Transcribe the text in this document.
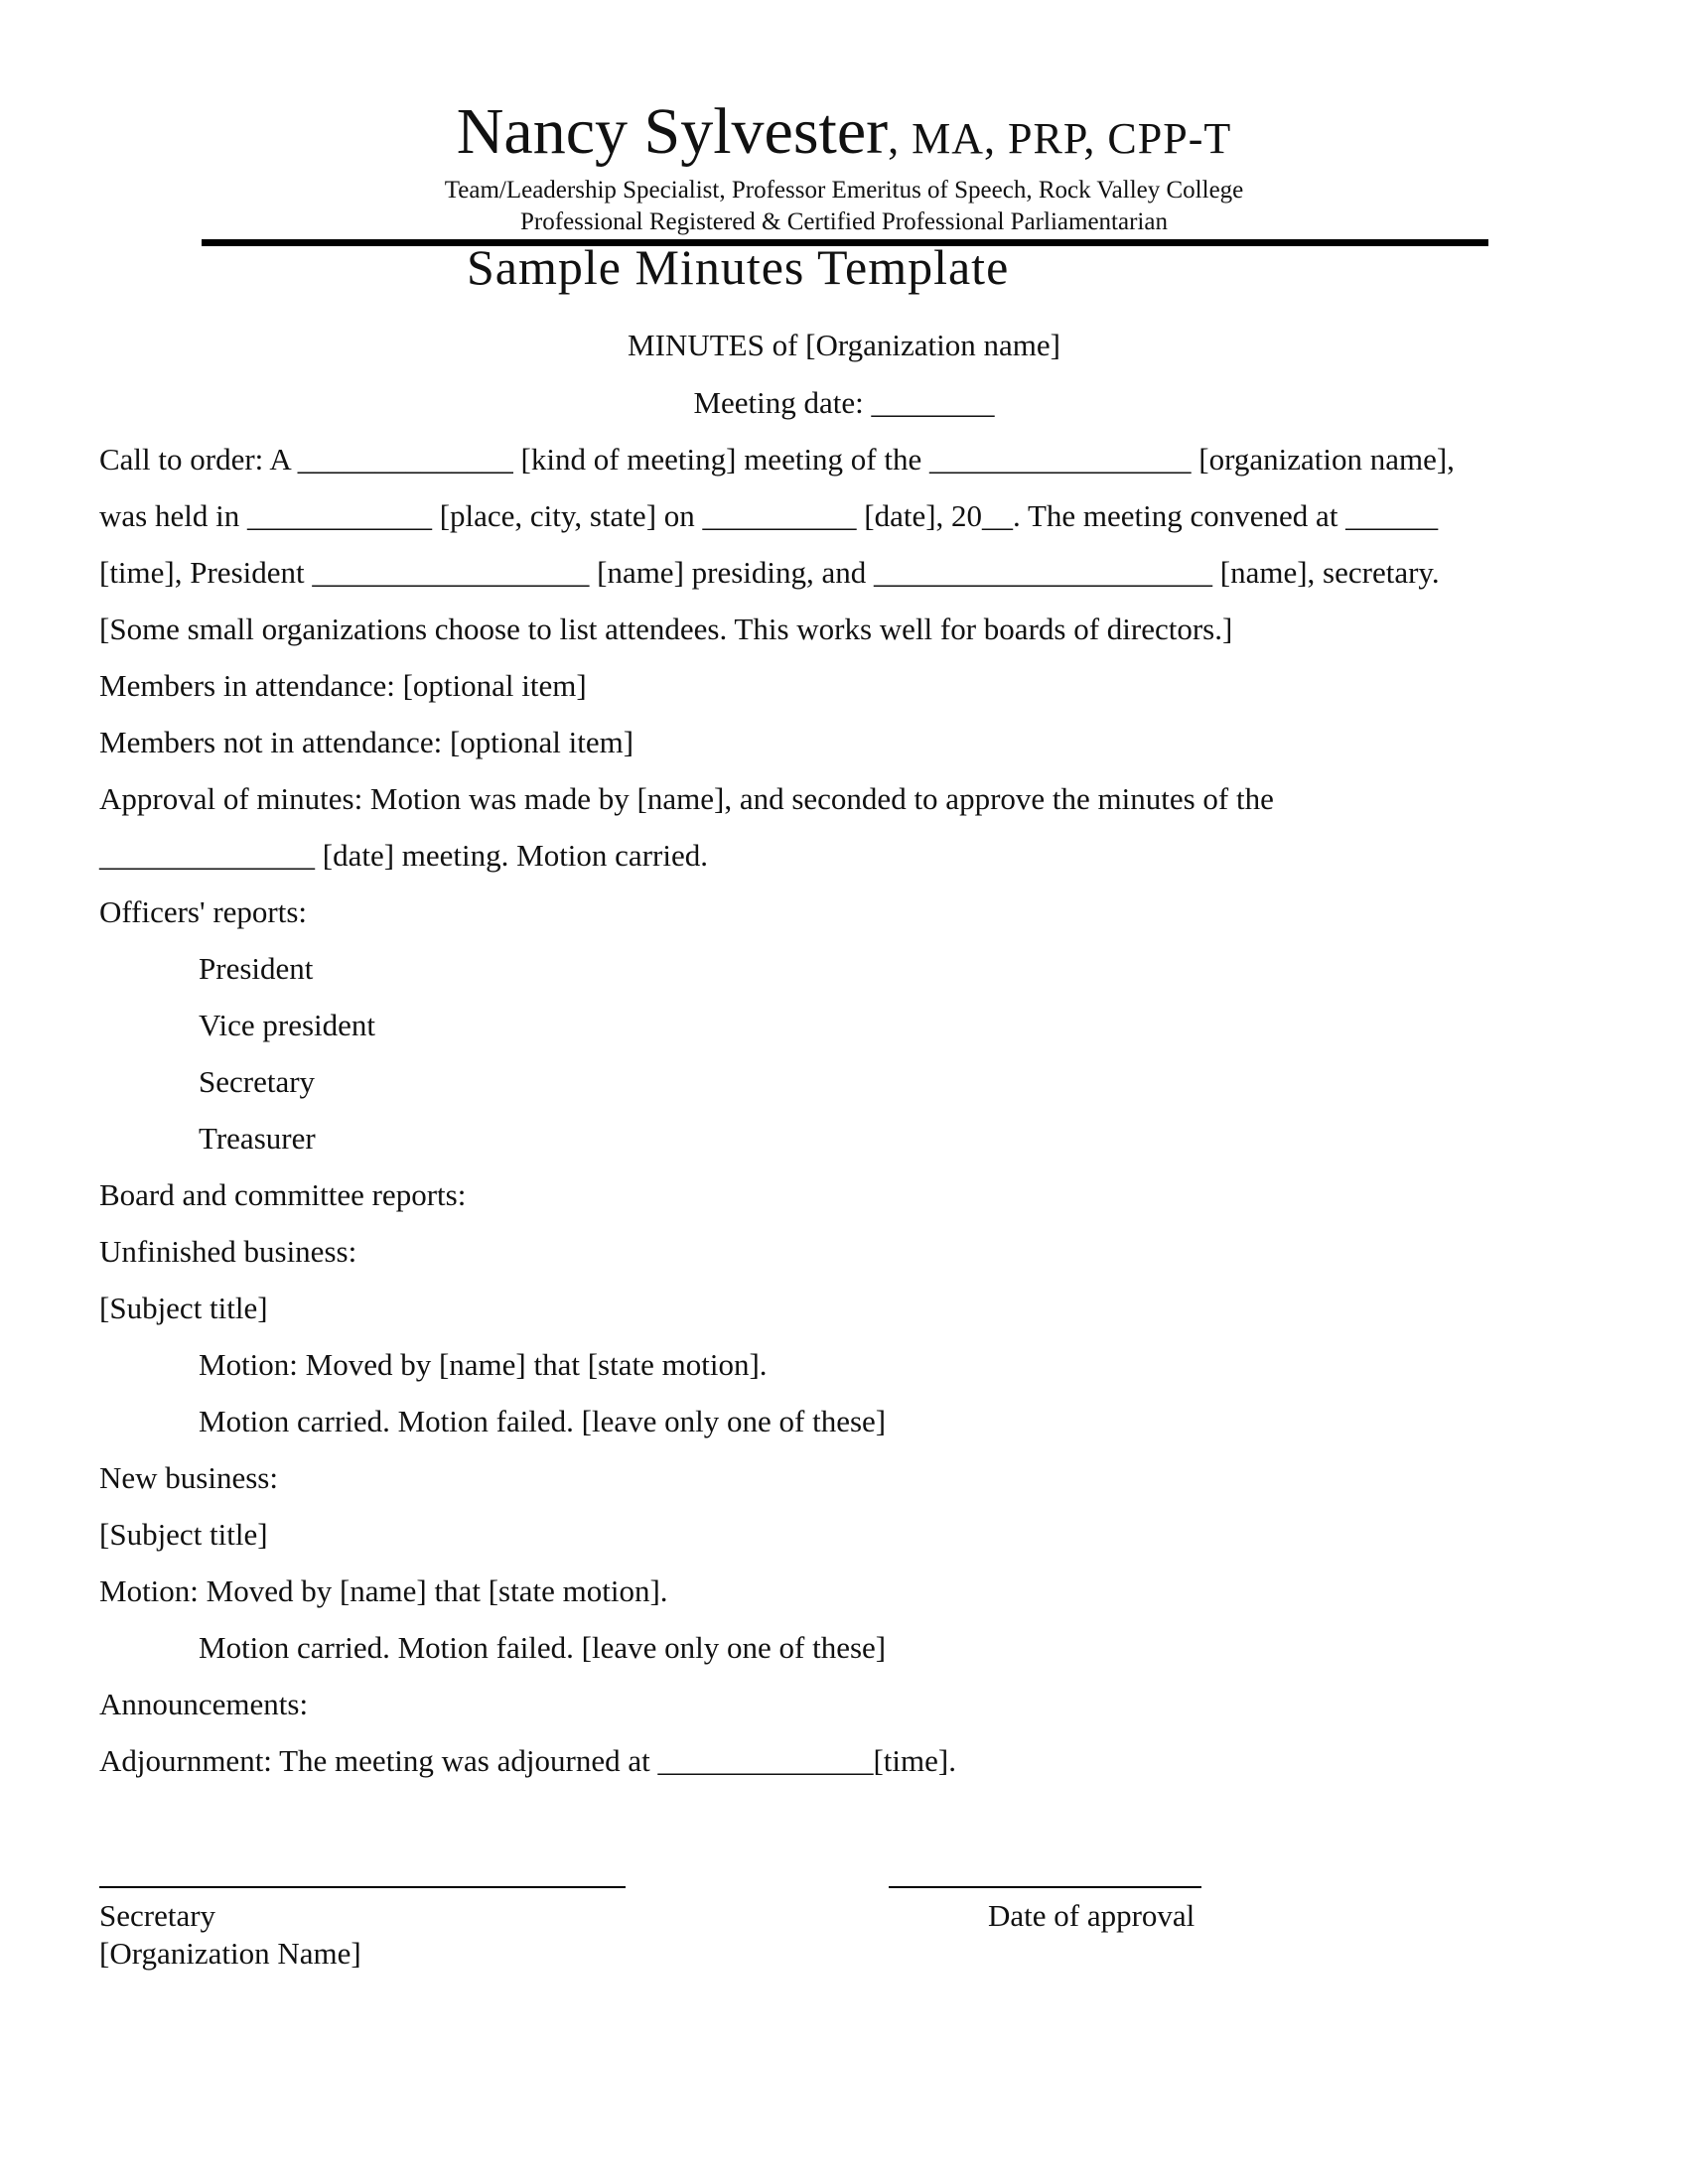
Nancy Sylvester, MA, PRP, CPP-T
Team/Leadership Specialist, Professor Emeritus of Speech, Rock Valley College
Professional Registered & Certified Professional Parliamentarian
Sample Minutes Template
MINUTES of [Organization name]
Meeting date: ________
Call to order: A ______________ [kind of meeting] meeting of the _________________ [organization name],
was held in ____________ [place, city, state] on __________ [date], 20__. The meeting convened at ______
[time], President __________________ [name] presiding, and ______________________ [name], secretary.
[Some small organizations choose to list attendees. This works well for boards of directors.]
Members in attendance: [optional item]
Members not in attendance: [optional item]
Approval of minutes: Motion was made by [name], and seconded to approve the minutes of the
______________ [date] meeting. Motion carried.
Officers' reports:
President
Vice president
Secretary
Treasurer
Board and committee reports:
Unfinished business:
[Subject title]
Motion: Moved by [name] that [state motion].
Motion carried. Motion failed. [leave only one of these]
New business:
[Subject title]
Motion: Moved by [name] that [state motion].
Motion carried. Motion failed. [leave only one of these]
Announcements:
Adjournment: The meeting was adjourned at ______________[time].
Secretary
[Organization Name]
Date of approval
